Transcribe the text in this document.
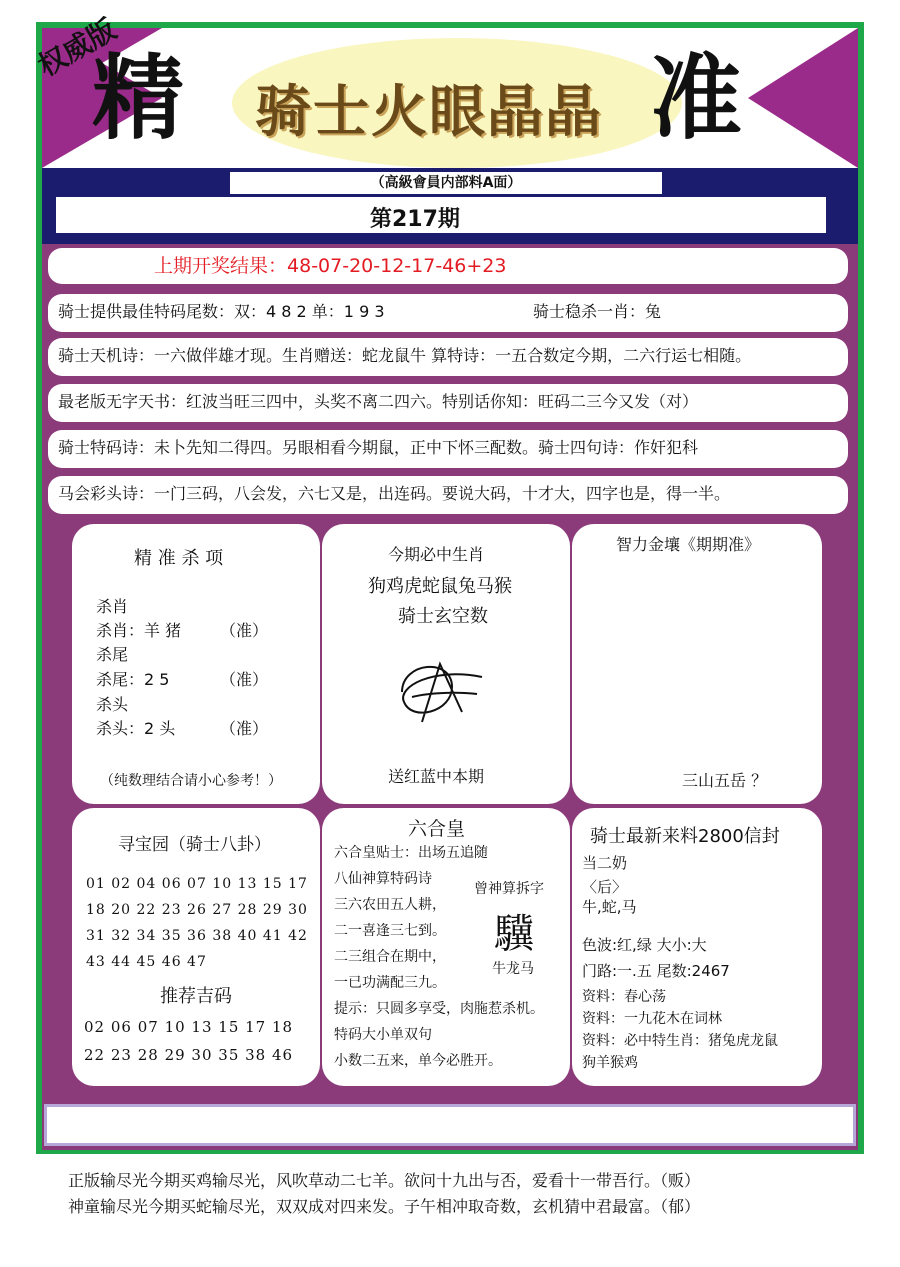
权威版
精 骑士火眼晶晶 准
（高級會員内部料A面）
第217期
上期开奖结果：48-07-20-12-17-46+23
骑士提供最佳特码尾数：双：4 8 2 单：1 9 3	骑士稳杀一肖：兔
骑士天机诗：一六做伴雄才现。生肖赠送：蛇龙鼠牛 算特诗：一五合数定今期，二六行运七相随。
最老版无字天书：红波当旺三四中，头奖不离二四六。特别话你知：旺码二三今又发（对）
骑士特码诗：未卜先知二得四。另眼相看今期鼠，正中下怀三配数。骑士四句诗：作奸犯科
马会彩头诗：一门三码，八会发，六七又是，出连码。要说大码，十才大，四字也是，得一半。
精 准 杀 项
杀肖
杀肖：羊 猪 （准）
杀尾
杀尾：2 5	（准）
杀头
杀头：2 头	（准）
（纯数理结合请小心参考！）
今期必中生肖
狗鸡虎蛇鼠兔马猴
骑士玄空数
送红蓝中本期
智力金壤《期期准》
三山五岳 ？
寻宝园（骑士八卦）
01 02 04 06 07 10 13 15 17
18 20 22 23 26 27 28 29 30
31 32 34 35 36 38 40 41 42
43 44 45 46 47
推荐吉码
02 06 07 10 13 15 17 18
22 23 28 29 30 35 38 46
六合皇
六合皇贴士：出场五追随
八仙神算特码诗
三六农田五人耕，
二一喜逢三七到。
二三组合在期中，
一已功满配三九。
提示：只圆多享受，肉胣惹杀机。
特码大小单双句
小数二五来，单今必胜开。
曾神算拆字
驥
牛龙马
骑士最新来料2800信封
当二奶
〈后〉
牛,蛇,马
色波:红,绿 大小:大
门路:一.五 尾数:2467
资料：春心荡
资料：一九花木在词林
资料：必中特生肖：猪兔虎龙鼠
狗羊猴鸡
正版输尽光今期买鸡输尽光，风吹草动二七羊。欲问十九出与否，爱看十一带吾行。（贩）
神童输尽光今期买蛇输尽光，双双成对四来发。子午相冲取奇数，玄机猜中君最富。（郁）
